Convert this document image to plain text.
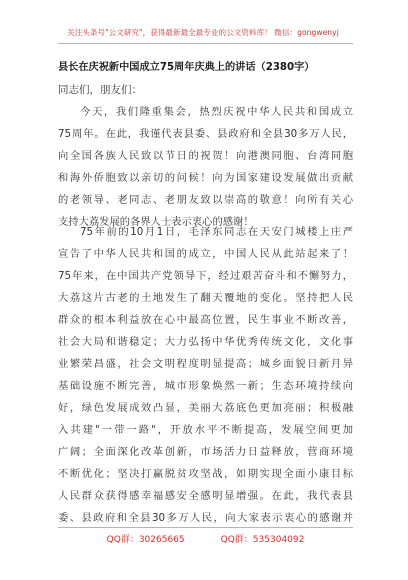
关注头条号"公文研究"，获得最新最全最专业的公文资料库！ 微信：gongwenyj
县长在庆祝新中国成立75周年庆典上的讲话（2380字）
同志们，朋友们：
今天，我们隆重集会，热烈庆祝中华人民共和国成立
75周年。在此，我谨代表县委、县政府和全县30多万人民，
向全国各族人民致以节日的祝贺！向港澳同胞、台湾同胞
和海外侨胞致以亲切的问候！向为国家建设发展做出贡献
的老领导、老同志、老朋友致以崇高的敬意！向所有关心
支持大荔发展的各界人士表示衷心的感谢！
75年前的10月1日，毛泽东同志在天安门城楼上庄严
宣告了中华人民共和国的成立，中国人民从此站起来了！
75年来，在中国共产党领导下，经过艰苦奋斗和不懈努力，
大荔这片古老的土地发生了翻天覆地的变化。坚持把人民
群众的根本利益放在心中最高位置，民生事业不断改善，
社会大局和谐稳定；大力弘扬中华优秀传统文化，文化事
业繁荣昌盛，社会文明程度明显提高；城乡面貌日新月异
基础设施不断完善，城市形象焕然一新；生态环境持续向
好，绿色发展成效凸显，美丽大荔底色更加亮丽；积极融
入共建"一带一路"，开放水平不断提高，发展空间更加
广阔；全面深化改革创新，市场活力日益释放，营商环境
不断优化；坚决打赢脱贫攻坚战，如期实现全面小康目标
人民群众获得感幸福感安全感明显增强。在此，我代表县
委、县政府和全县30多万人民，向大家表示衷心的感谢并
QQ群：30265665	QQ群：535304092
